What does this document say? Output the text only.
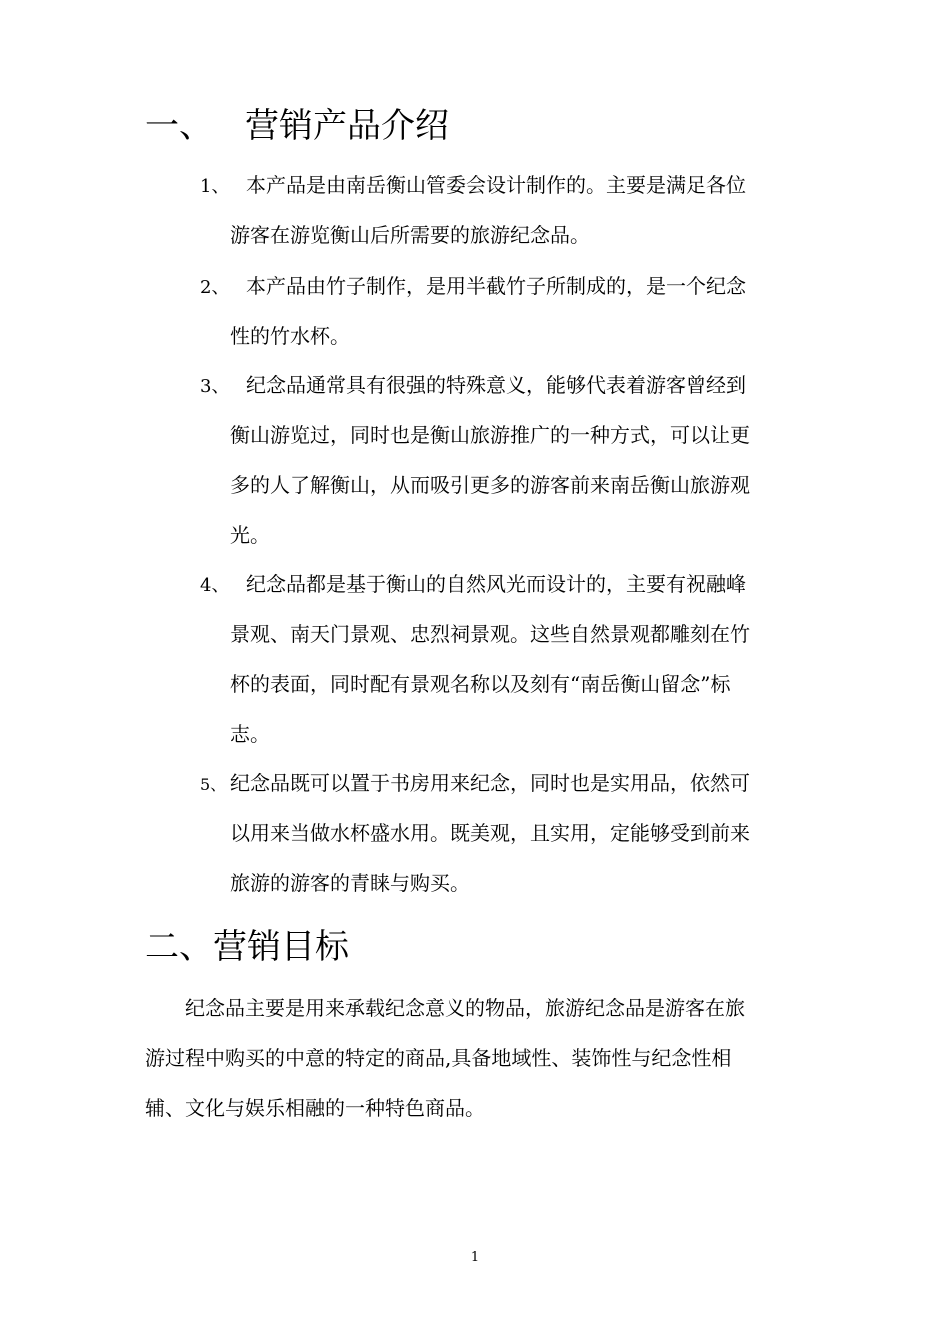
一、 营销产品介绍
1、 本产品是由南岳衡山管委会设计制作的。主要是满足各位
游客在游览衡山后所需要的旅游纪念品。
2、 本产品由竹子制作，是用半截竹子所制成的，是一个纪念
性的竹水杯。
3、 纪念品通常具有很强的特殊意义，能够代表着游客曾经到
衡山游览过，同时也是衡山旅游推广的一种方式，可以让更
多的人了解衡山，从而吸引更多的游客前来南岳衡山旅游观
光。
4、 纪念品都是基于衡山的自然风光而设计的，主要有祝融峰
景观、南天门景观、忠烈祠景观。这些自然景观都雕刻在竹
杯的表面，同时配有景观名称以及刻有“南岳衡山留念”标
志。
5、 纪念品既可以置于书房用来纪念，同时也是实用品，依然可
以用来当做水杯盛水用。既美观，且实用，定能够受到前来
旅游的游客的青睐与购买。
二、营销目标
纪念品主要是用来承载纪念意义的物品，旅游纪念品是游客在旅
游过程中购买的中意的特定的商品,具备地域性、装饰性与纪念性相
辅、文化与娱乐相融的一种特色商品。
1
